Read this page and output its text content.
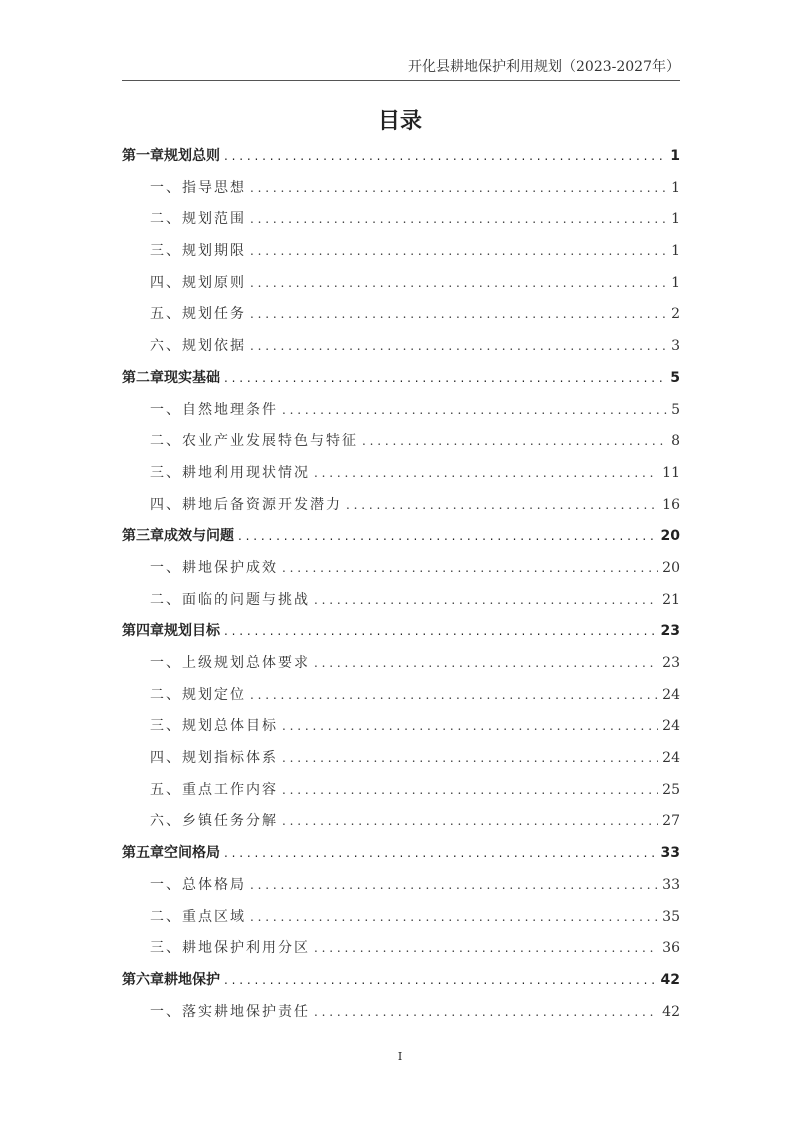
开化县耕地保护利用规划（2023-2027年）
目录
第一章规划总则 . . .	1
一、指导思想 . . .	1
二、规划范围 . . .	1
三、规划期限 . . .	1
四、规划原则 . . .	1
五、规划任务 . . .	2
六、规划依据 . . .	3
第二章现实基础 . . .	5
一、自然地理条件 . . .	5
二、农业产业发展特色与特征 . . .	8
三、耕地利用现状情况 . . .	11
四、耕地后备资源开发潜力 . . .	16
第三章成效与问题 . . .	20
一、耕地保护成效 . . .	20
二、面临的问题与挑战 . . .	21
第四章规划目标 . . .	23
一、上级规划总体要求 . . .	23
二、规划定位 . . .	24
三、规划总体目标 . . .	24
四、规划指标体系 . . .	24
五、重点工作内容 . . .	25
六、乡镇任务分解 . . .	27
第五章空间格局 . . .	33
一、总体格局 . . .	33
二、重点区域 . . .	35
三、耕地保护利用分区 . . .	36
第六章耕地保护 . . .	42
一、落实耕地保护责任 . . .	42
I
